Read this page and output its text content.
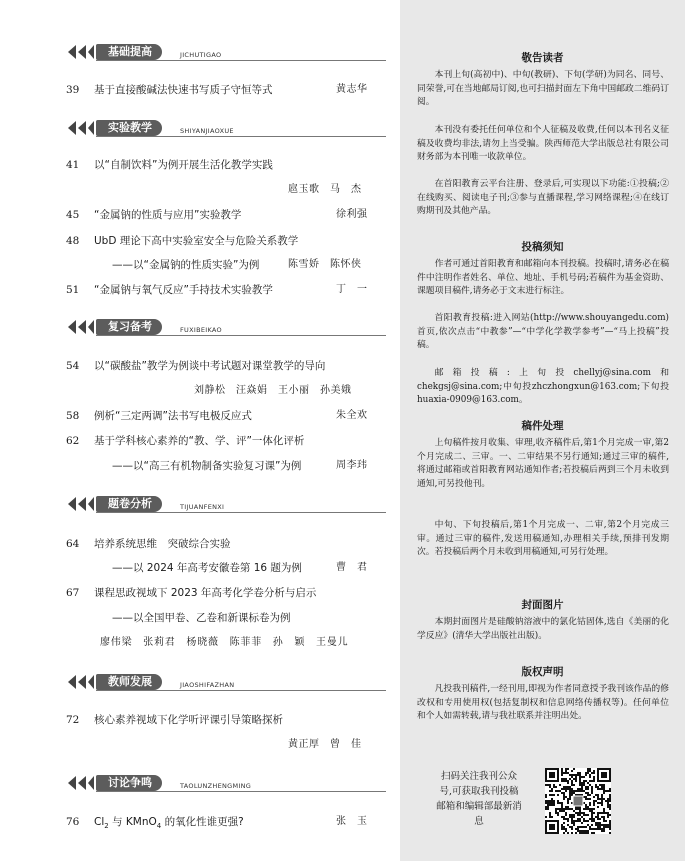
基础提高	JICHUTIGAO
39 基于直接酸碱法快速书写质子守恒等式	黄志华
实验教学	SHIYANJIAOXUE
41 以“自制饮料”为例开展生活化教学实践
扈玉歌　马　杰
45 “金属钠的性质与应用”实验教学	徐利强
48 UbD 理论下高中实验室安全与危险关系教学
——以“金属钠的性质实验”为例	陈雪娇　陈怀侠
51 “金属钠与氧气反应”手持技术实验教学	丁　一
复习备考	FUXIBEIKAO
54 以“碳酸盐”教学为例谈中考试题对课堂教学的导向
刘静松　汪焱娟　王小丽　孙美娥
58 例析“三定两调”法书写电极反应式	朱全欢
62 基于学科核心素养的“教、学、评”一体化评析
——以“高三有机物制备实验复习课”为例	周李玮
题卷分析	TIJUANFENXI
64 培养系统思维　突破综合实验
——以 2024 年高考安徽卷第 16 题为例	曹　君
67 课程思政视域下 2023 年高考化学卷分析与启示
——以全国甲卷、乙卷和新课标卷为例
廖伟梁　张莉君　杨晓薇　陈菲菲　孙　颖　王曼儿
教师发展	JIAOSHIFAZHAN
72 核心素养视域下化学听评课引导策略探析
黄正厚　曾　佳
讨论争鸣	TAOLUNZHENGMING
76 $Cl_2$ 与 KMnO$_4$ 的氧化性谁更强?	张　玉
敬告读者

本刊上旬(高初中)、中旬(教研)、下旬(学研)为同名、同号、同荣誉,可在当地邮局订阅,也可扫描封面左下角中国邮政二维码订阅。

本刊没有委托任何单位和个人征稿及收费,任何以本刊名义征稿及收费均非法,请勿上当受骗。陕西师范大学出版总社有限公司财务部为本刊唯一收款单位。

在首阳教育云平台注册、登录后,可实现以下功能:①投稿;②在线购买、阅读电子刊;③参与直播课程,学习网络课程;④在线订购期刊及其他产品。

投稿须知

作者可通过首阳教育和邮箱向本刊投稿。投稿时,请务必在稿件中注明作者姓名、单位、地址、手机号码;若稿件为基金资助、课题项目稿件,请务必于文末进行标注。

首阳教育投稿:进入网站(http://www.shouyangedu.com)首页,依次点击“中教参”—“中学化学教学参考”—“马上投稿”投稿。

邮箱投稿:上旬投chellyj@sina.com和chekgsj@sina.com;中旬投zhczhongxun@163.com;下旬投huaxia-0909@163.com。

稿件处理

上旬稿件按月收集、审理,收齐稿件后,第1个月完成一审,第2个月完成二、三审。一、二审结果不另行通知;通过三审的稿件,将通过邮箱或首阳教育网站通知作者;若投稿后两到三个月未收到通知,可另投他刊。

中旬、下旬投稿后,第1个月完成一、二审,第2个月完成三审。通过三审的稿件,发送用稿通知,办理相关手续,预排刊发期次。若投稿后两个月未收到用稿通知,可另行处理。

封面图片

本期封面图片是硅酸钠溶液中的氯化钴固体,选自《美丽的化学反应》(清华大学出版社出版)。

版权声明

凡投我刊稿件,一经刊用,即视为作者同意授予我刊该作品的修改权和专用使用权(包括复制权和信息网络传播权等)。任何单位和个人如需转载,请与我社联系并注明出处。

扫码关注我刊公众号,可获取我刊投稿邮箱和编辑部最新消息
